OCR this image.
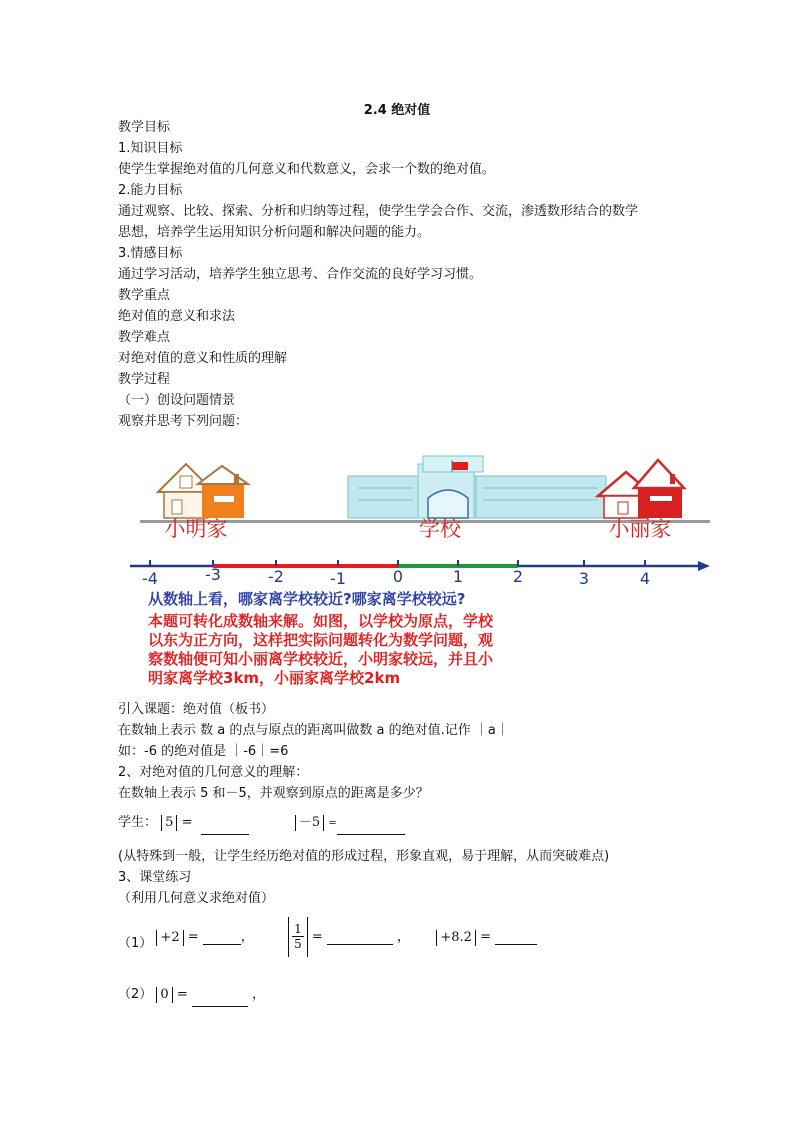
2.4 绝对值
教学目标
1.知识目标
使学生掌握绝对值的几何意义和代数意义，会求一个数的绝对值。
2.能力目标
通过观察、比较、探索、分析和归纳等过程，使学生学会合作、交流，渗透数形结合的数学
思想，培养学生运用知识分析问题和解决问题的能力。
3.情感目标
通过学习活动，培养学生独立思考、合作交流的良好学习习惯。
教学重点
绝对值的意义和求法
教学难点
对绝对值的意义和性质的理解
教学过程
（一）创设问题情景
观察并思考下列问题：
小明家	学校	小丽家
-4	-3	-2	-1	0	1	2	3	4
从数轴上看，哪家离学校较近?哪家离学校较远?
本题可转化成数轴来解。如图，以学校为原点，学校
以东为正方向，这样把实际问题转化为数学问题，观
察数轴便可知小丽离学校较近，小明家较远，并且小
明家离学校3km，小丽家离学校2km
引入课题：绝对值（板书）
在数轴上表示 数 a 的点与原点的距离叫做数 a 的绝对值.记作 ｜a｜
如：-6 的绝对值是 ｜-6｜=6
2、对绝对值的几何意义的理解：
在数轴上表示 5 和－5，并观察到原点的距离是多少？
学生： 5 =	－5 =
(从特殊到一般，让学生经历绝对值的形成过程，形象直观，易于理解，从而突破难点)
3、课堂练习
（利用几何意义求绝对值）
（1） +2 =	，	$\frac{1}{5}$ =	， +8.2 =
（2） 0 =	，
